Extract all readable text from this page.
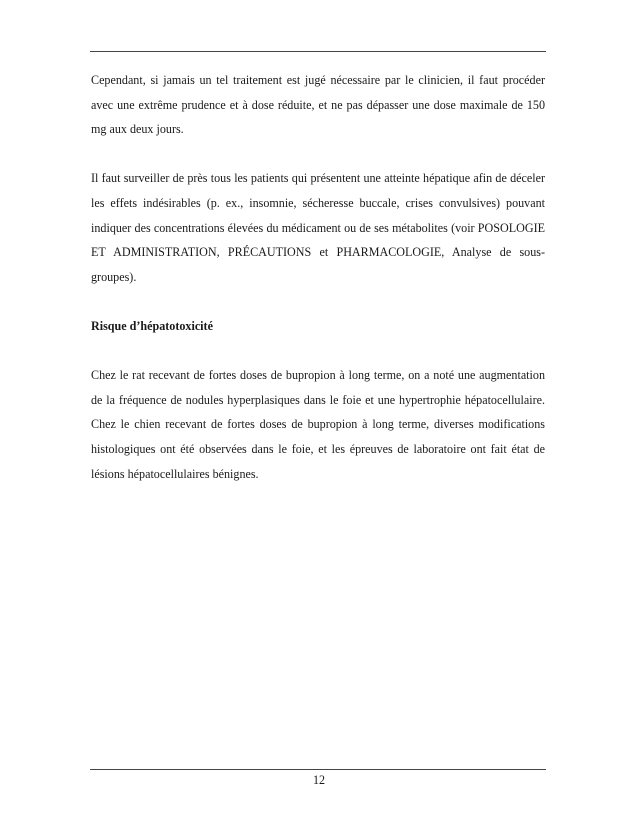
Cependant, si jamais un tel traitement est jugé nécessaire par le clinicien, il faut procéder avec une extrême prudence et à dose réduite, et ne pas dépasser une dose maximale de 150 mg aux deux jours.

Il faut surveiller de près tous les patients qui présentent une atteinte hépatique afin de déceler les effets indésirables (p. ex., insomnie, sécheresse buccale, crises convulsives) pouvant indiquer des concentrations élevées du médicament ou de ses métabolites (voir POSOLOGIE ET ADMINISTRATION, PRÉCAUTIONS et PHARMACOLOGIE, Analyse de sous-groupes).

Risque d’hépatotoxicité

Chez le rat recevant de fortes doses de bupropion à long terme, on a noté une augmentation de la fréquence de nodules hyperplasiques dans le foie et une hypertrophie hépatocellulaire. Chez le chien recevant de fortes doses de bupropion à long terme, diverses modifications histologiques ont été observées dans le foie, et les épreuves de laboratoire ont fait état de lésions hépatocellulaires bénignes.

12
